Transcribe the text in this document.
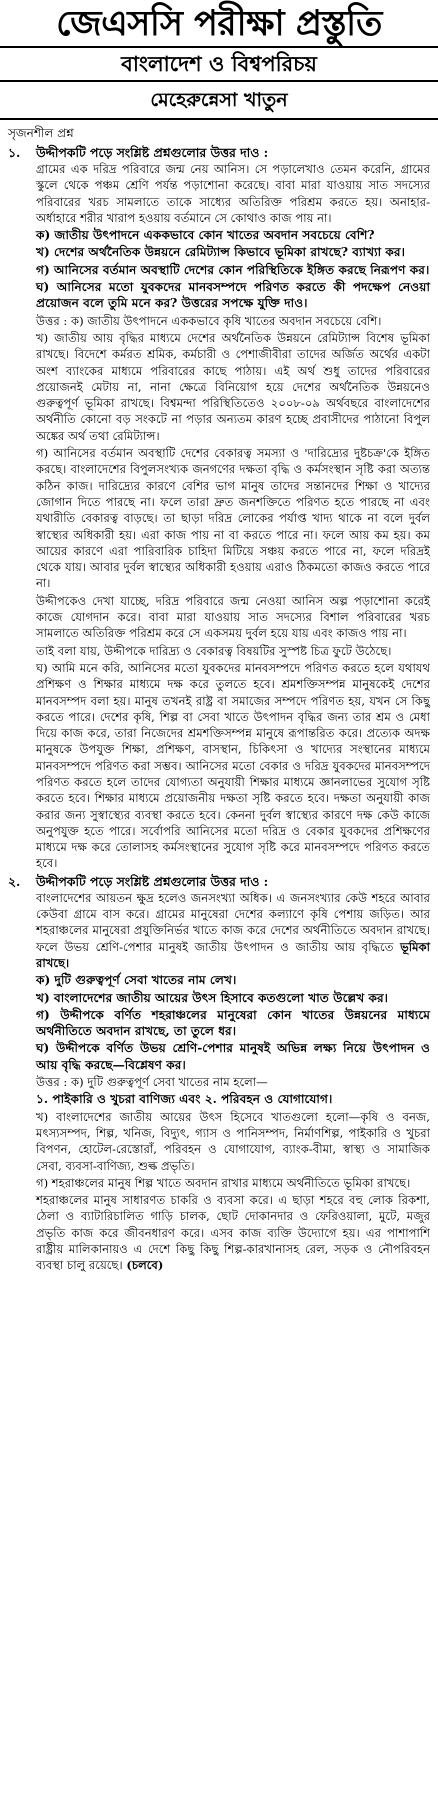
জেএসসি পরীক্ষা প্রস্তুতি
বাংলাদেশ ও বিশ্বপরিচয়
মেহেরুন্নেসা খাতুন
সৃজনশীল প্রশ্ন
১.	উদ্দীপকটি পড়ে সংশ্লিষ্ট প্রশ্নগুলোর উত্তর দাও :

গ্রামের এক দরিদ্র পরিবারে জন্ম নেয় আনিস। সে পড়ালেখাও তেমন করেনি, গ্রামের স্কুলে থেকে পঞ্চম শ্রেণি পর্যন্ত পড়াশোনা করেছে। বাবা মারা যাওয়ায় সাত সদস্যের পরিবারের খরচ সামলাতে তাকে সাধ্যের অতিরিক্ত পরিশ্রম করতে হয়। অনাহার-অর্ধাহারে শরীর খারাপ হওয়ায় বর্তমানে সে কোথাও কাজ পায় না।

ক) জাতীয় উৎপাদনে এককভাবে কোন খাতের অবদান সবচেয়ে বেশি?

খ) দেশের অর্থনৈতিক উন্নয়নে রেমিট্যান্স কিভাবে ভূমিকা রাখছে? ব্যাখ্যা কর।

গ) আনিসের বর্তমান অবস্থাটি দেশের কোন পরিস্থিতিকে ইঙ্গিত করছে নিরূপণ কর।

ঘ) আনিসের মতো যুবকদের মানবসম্পদে পরিণত করতে কী পদক্ষেপ নেওয়া প্রয়োজন বলে তুমি মনে কর? উত্তরের সপক্ষে যুক্তি দাও।

উত্তর : ক) জাতীয় উৎপাদনে এককভাবে কৃষি খাতের অবদান সবচেয়ে বেশি।

খ) জাতীয় আয় বৃদ্ধির মাধ্যমে দেশের অর্থনৈতিক উন্নয়নে রেমিট্যান্স বিশেষ ভূমিকা রাখছে। বিদেশে কর্মরত শ্রমিক, কর্মচারী ও পেশাজীবীরা তাদের অর্জিত অর্থের একটা অংশ ব্যাংকের মাধ্যমে পরিবারের কাছে পাঠায়। এই অর্থ শুধু তাদের পরিবারের প্রয়োজনই মেটায় না, নানা ক্ষেত্রে বিনিয়োগ হয়ে দেশের অর্থনৈতিক উন্নয়নেও গুরুত্বপূর্ণ ভূমিকা রাখছে। বিশ্বমন্দা পরিস্থিতিতেও ২০০৮-০৯ অর্থবছরে বাংলাদেশের অর্থনীতি কোনো বড় সংকটে না পড়ার অন্যতম কারণ হচ্ছে প্রবাসীদের পাঠানো বিপুল অঙ্কের অর্থ তথা রেমিট্যান্স।

গ) আনিসের বর্তমান অবস্থাটি দেশের বেকারত্ব সমস্যা ও 'দারিদ্র্যের দুষ্টচক্র'কে ইঙ্গিত করছে। বাংলাদেশের বিপুলসংখ্যক জনগণের দক্ষতা বৃদ্ধি ও কর্মসংস্থান সৃষ্টি করা অত্যন্ত কঠিন কাজ। দারিদ্র্যের কারণে বেশির ভাগ মানুষ তাদের সন্তানদের শিক্ষা ও খাদ্যের জোগান দিতে পারছে না। ফলে তারা দ্রুত জনশক্তিতে পরিণত হতে পারছে না এবং যথারীতি বেকারত্ব বাড়ছে। তা ছাড়া দরিদ্র লোকের পর্যাপ্ত খাদ্য থাকে না বলে দুর্বল স্বাস্থ্যের অধিকারী হয়। এরা কাজ পায় না বা করতে পারে না। ফলে আয় কম হয়। কম আয়ের কারণে এরা পারিবারিক চাহিদা মিটিয়ে সঞ্চয় করতে পারে না, ফলে দরিদ্রই থেকে যায়। আবার দুর্বল স্বাস্থ্যের অধিকারী হওয়ায় এরাও ঠিকমতো কাজও করতে পারে না।

উদ্দীপকেও দেখা যাচ্ছে, দরিদ্র পরিবারে জন্ম নেওয়া আনিস অল্প পড়াশোনা করেই কাজে যোগদান করে। বাবা মারা যাওয়ায় সাত সদস্যের বিশাল পরিবারের খরচ সামলাতে অতিরিক্ত পরিশ্রম করে সে একসময় দুর্বল হয়ে যায় এবং কাজও পায় না।

তাই বলা যায়, উদ্দীপকে দারিদ্র্য ও বেকারত্ব বিষয়টির সুস্পষ্ট চিত্র ফুটে উঠেছে।

ঘ) আমি মনে করি, আনিসের মতো যুবকদের মানবসম্পদে পরিণত করতে হলে যথাযথ প্রশিক্ষণ ও শিক্ষার মাধ্যমে দক্ষ করে তুলতে হবে। শ্রমশক্তিসম্পন্ন মানুষকেই দেশের মানবসম্পদ বলা হয়। মানুষ তখনই রাষ্ট্র বা সমাজের সম্পদে পরিণত হয়, যখন সে কিছু করতে পারে। দেশের কৃষি, শিল্প বা সেবা খাতে উৎপাদন বৃদ্ধির জন্য তার শ্রম ও মেধা দিয়ে কাজ করে, তারা নিজেদের শ্রমশক্তিসম্পন্ন মানুষে রূপান্তরিত করে। প্রত্যেক অদক্ষ মানুষকে উপযুক্ত শিক্ষা, প্রশিক্ষণ, বাসস্থান, চিকিৎসা ও খাদ্যের সংস্থানের মাধ্যমে মানবসম্পদে পরিণত করা সম্ভব। আনিসের মতো বেকার ও দরিদ্র যুবকদের মানবসম্পদে পরিণত করতে হলে তাদের যোগ্যতা অনুযায়ী শিক্ষার মাধ্যমে জ্ঞানলাভের সুযোগ সৃষ্টি করতে হবে। শিক্ষার মাধ্যমে প্রয়োজনীয় দক্ষতা সৃষ্টি করতে হবে। দক্ষতা অনুযায়ী কাজ করার জন্য সুস্বাস্থ্যের ব্যবস্থা করতে হবে। কেননা দুর্বল স্বাস্থ্যের কারণে দক্ষ কেউ কাজে অনুপযুক্ত হতে পারে। সর্বোপরি আনিসের মতো দরিদ্র ও বেকার যুবকদের প্রশিক্ষণের মাধ্যমে দক্ষ করে তোলাসহ কর্মসংস্থানের সুযোগ সৃষ্টি করে মানবসম্পদে পরিণত করতে হবে।

২.	উদ্দীপকটি পড়ে সংশ্লিষ্ট প্রশ্নগুলোর উত্তর দাও :

বাংলাদেশের আয়তন ক্ষুদ্র হলেও জনসংখ্যা অধিক। এ জনসংখ্যার কেউ শহরে আবার কেউবা গ্রামে বাস করে। গ্রামের মানুষেরা দেশের কল্যাণে কৃষি পেশায় জড়িত। আর শহরাঞ্চলের মানুষেরা প্রযুক্তিনির্ভর খাতে কাজ করে দেশের অর্থনীতিতে অবদান রাখছে। ফলে উভয় শ্রেণি-পেশার মানুষই জাতীয় উৎপাদন ও জাতীয় আয় বৃদ্ধিতে ভূমিকা রাখছে।

ক) দুটি গুরুত্বপূর্ণ সেবা খাতের নাম লেখ।

খ) বাংলাদেশের জাতীয় আয়ের উৎস হিসাবে কতগুলো খাত উল্লেখ কর।

গ) উদ্দীপকে বর্ণিত শহরাঞ্চলের মানুষেরা কোন খাতের উন্নয়নের মাধ্যমে অর্থনীতিতে অবদান রাখছে, তা তুলে ধর।

ঘ) উদ্দীপকে বর্ণিত উভয় শ্রেণি-পেশার মানুষই অভিন্ন লক্ষ্য নিয়ে উৎপাদন ও আয় বৃদ্ধি করছে—বিশ্লেষণ কর।

উত্তর : ক) দুটি গুরুত্বপূর্ণ সেবা খাতের নাম হলো—

১. পাইকারি ও খুচরা বাণিজ্য এবং ২. পরিবহন ও যোগাযোগ।

খ) বাংলাদেশের জাতীয় আয়ের উৎস হিসেবে খাতগুলো হলো—কৃষি ও বনজ, মৎস্যসম্পদ, শিল্প, খনিজ, বিদ্যুৎ, গ্যাস ও পানিসম্পদ, নির্মাণশিল্প, পাইকারি ও খুচরা বিপণন, হোটেল-রেস্তোরাঁ, পরিবহন ও যোগাযোগ, ব্যাংক-বীমা, স্বাস্থ্য ও সামাজিক সেবা, ব্যবসা-বাণিজ্য, শুল্ক প্রভৃতি।

গ) শহরাঞ্চলের মানুষ শিল্প খাতে অবদান রাখার মাধ্যমে অর্থনীতিতে ভূমিকা রাখছে।

শহরাঞ্চলের মানুষ সাধারণত চাকরি ও ব্যবসা করে। এ ছাড়া শহরে বহু লোক রিকশা, ঠেলা ও ব্যাটারিচালিত গাড়ি চালক, ছোট দোকানদার ও ফেরিওয়ালা, মুটে, মজুর প্রভৃতি কাজ করে জীবনধারণ করে। এসব কাজ ব্যক্তি উদ্যোগে হয়। এর পাশাপাশি রাষ্ট্রীয় মালিকানায়ও এ দেশে কিছু কিছু শিল্প-কারখানাসহ রেল, সড়ক ও নৌপরিবহন ব্যবস্থা চালু রয়েছে। (চলবে)
